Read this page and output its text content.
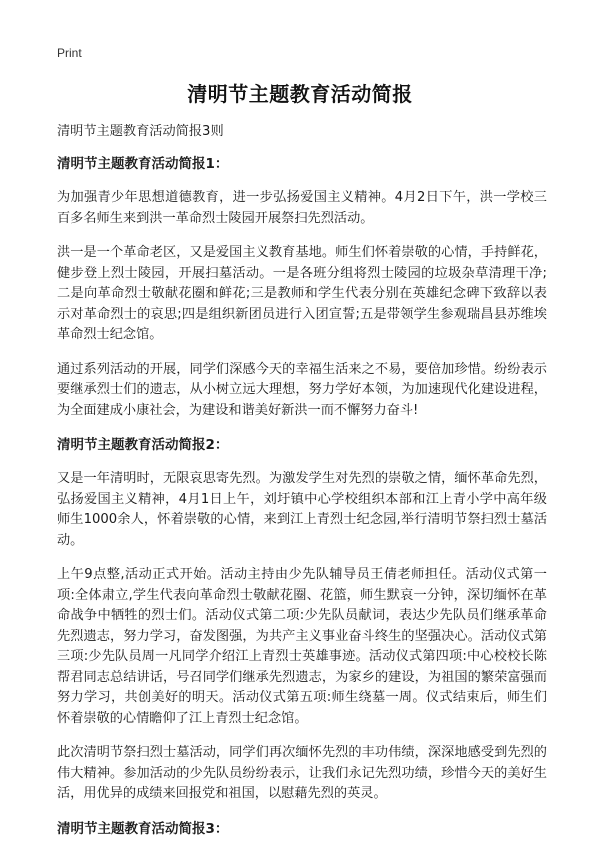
Print
清明节主题教育活动简报

清明节主题教育活动简报3则

清明节主题教育活动简报1：

为加强青少年思想道德教育，进一步弘扬爱国主义精神。4月2日下午，洪一学校三百多名师生来到洪一革命烈士陵园开展祭扫先烈活动。

洪一是一个革命老区，又是爱国主义教育基地。师生们怀着崇敬的心情，手持鲜花，健步登上烈士陵园，开展扫墓活动。一是各班分组将烈士陵园的垃圾杂草清理干净;二是向革命烈士敬献花圈和鲜花;三是教师和学生代表分别在英雄纪念碑下致辞以表示对革命烈士的哀思;四是组织新团员进行入团宣誓;五是带领学生参观瑞昌县苏维埃革命烈士纪念馆。

通过系列活动的开展，同学们深感今天的幸福生活来之不易，要倍加珍惜。纷纷表示要继承烈士们的遗志，从小树立远大理想，努力学好本领，为加速现代化建设进程，为全面建成小康社会，为建设和谐美好新洪一而不懈努力奋斗!

清明节主题教育活动简报2：

又是一年清明时，无限哀思寄先烈。为激发学生对先烈的崇敬之情，缅怀革命先烈，弘扬爱国主义精神，4月1日上午，刘圩镇中心学校组织本部和江上青小学中高年级师生1000余人，怀着崇敬的心情，来到江上青烈士纪念园,举行清明节祭扫烈士墓活动。

上午9点整,活动正式开始。活动主持由少先队辅导员王倩老师担任。活动仪式第一项:全体肃立,学生代表向革命烈士敬献花圈、花篮，师生默哀一分钟，深切缅怀在革命战争中牺牲的烈士们。活动仪式第二项:少先队员献词，表达少先队员们继承革命先烈遗志，努力学习，奋发图强，为共产主义事业奋斗终生的坚强决心。活动仪式第三项:少先队员周一凡同学介绍江上青烈士英雄事迹。活动仪式第四项:中心校校长陈帮君同志总结讲话，号召同学们继承先烈遗志，为家乡的建设，为祖国的繁荣富强而努力学习，共创美好的明天。活动仪式第五项:师生绕墓一周。仪式结束后，师生们怀着崇敬的心情瞻仰了江上青烈士纪念馆。

此次清明节祭扫烈士墓活动，同学们再次缅怀先烈的丰功伟绩，深深地感受到先烈的伟大精神。参加活动的少先队员纷纷表示，让我们永记先烈功绩，珍惜今天的美好生活，用优异的成绩来回报党和祖国，以慰藉先烈的英灵。

清明节主题教育活动简报3：
